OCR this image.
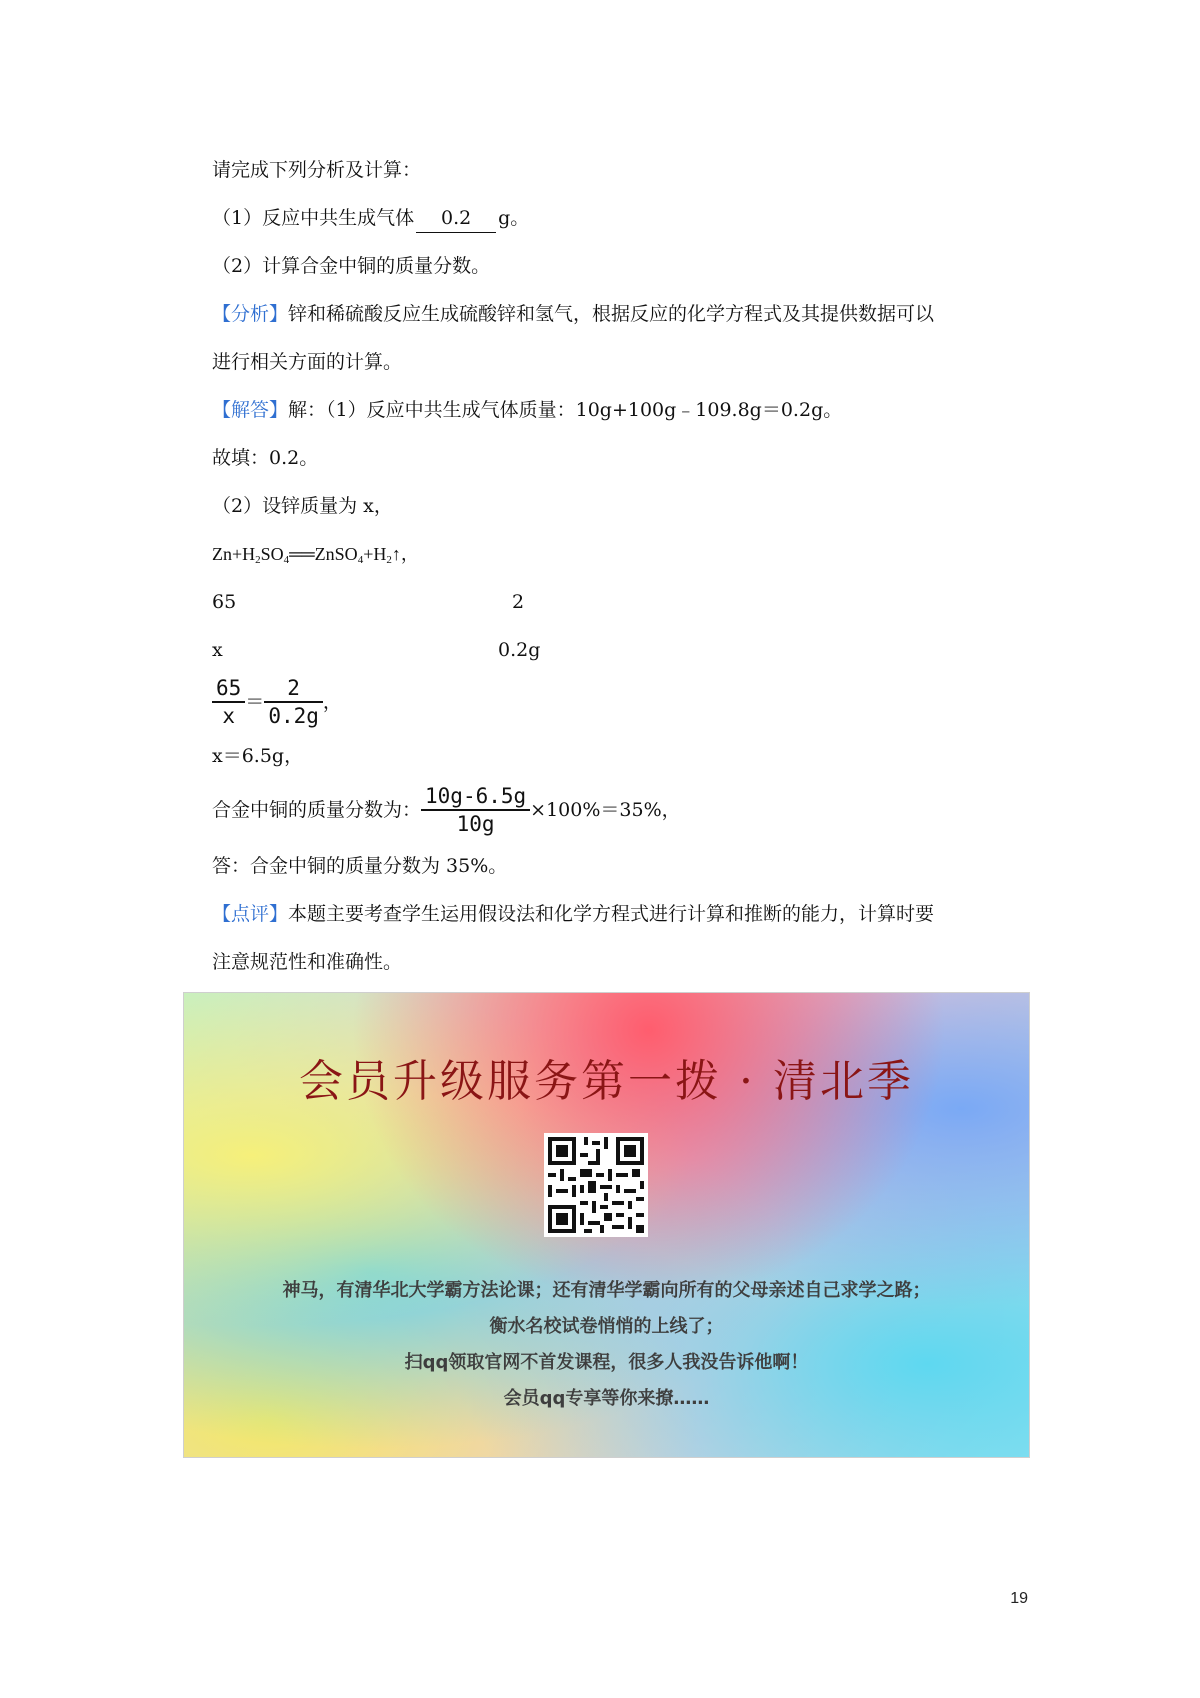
请完成下列分析及计算：
（1）反应中共生成气体 0.2 g。
（2）计算合金中铜的质量分数。
【分析】锌和稀硫酸反应生成硫酸锌和氢气，根据反应的化学方程式及其提供数据可以
进行相关方面的计算。
【解答】解：（1）反应中共生成气体质量：10g+100g﹣109.8g＝0.2g。
故填：0.2。
（2）设锌质量为 x，
$Zn+H_2SO_4══ZnSO_4+H_2↑$，
65	2
x	0.2g
$\frac{65}{x} = \frac{2}{0.2g}$ ，
x＝6.5g，
合金中铜的质量分数为： $\frac{10g-6.5g}{10g} \times 100\%=35\%$，
答：合金中铜的质量分数为 35%。
【点评】本题主要考查学生运用假设法和化学方程式进行计算和推断的能力，计算时要
注意规范性和准确性。
会员升级服务第一拨 · 清北季
神马，有清华北大学霸方法论课；还有清华学霸向所有的父母亲述自己求学之路；
衡水名校试卷悄悄的上线了；
扫qq领取官网不首发课程，很多人我没告诉他啊！
会员qq专享等你来撩……
19
